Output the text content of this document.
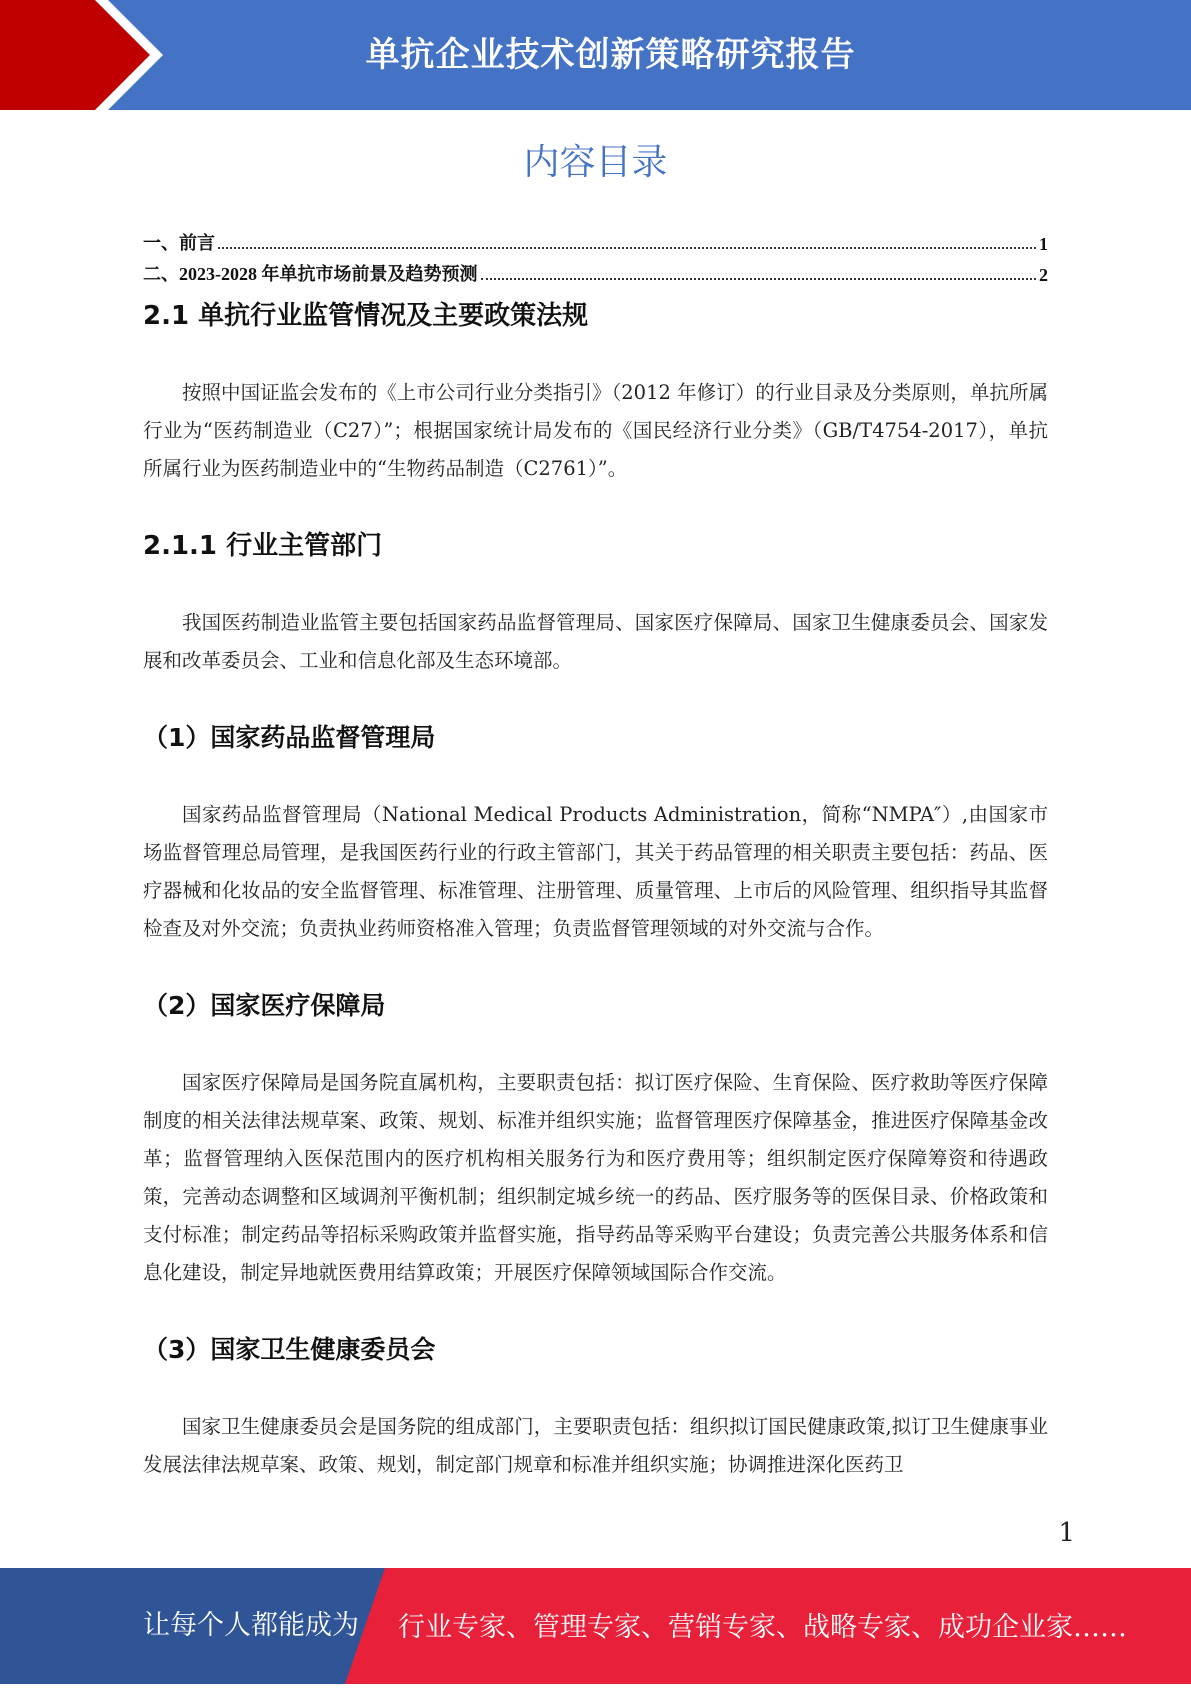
单抗企业技术创新策略研究报告
内容目录
一、前言	1
二、2023-2028 年单抗市场前景及趋势预测	2
2.1 单抗行业监管情况及主要政策法规

按照中国证监会发布的《上市公司行业分类指引》（2012 年修订）的行业目录及分类原则，单抗所属行业为“医药制造业（C27）”；根据国家统计局发布的《国民经济行业分类》（GB/T4754-2017），单抗所属行业为医药制造业中的“生物药品制造（C2761）”。

2.1.1 行业主管部门

我国医药制造业监管主要包括国家药品监督管理局、国家医疗保障局、国家卫生健康委员会、国家发展和改革委员会、工业和信息化部及生态环境部。

（1）国家药品监督管理局

国家药品监督管理局（National Medical Products Administration，简称“NMPA″）,由国家市场监督管理总局管理，是我国医药行业的行政主管部门，其关于药品管理的相关职责主要包括：药品、医疗器械和化妆品的安全监督管理、标准管理、注册管理、质量管理、上市后的风险管理、组织指导其监督检查及对外交流；负责执业药师资格准入管理；负责监督管理领域的对外交流与合作。

（2）国家医疗保障局

国家医疗保障局是国务院直属机构，主要职责包括：拟订医疗保险、生育保险、医疗救助等医疗保障制度的相关法律法规草案、政策、规划、标准并组织实施；监督管理医疗保障基金，推进医疗保障基金改革；监督管理纳入医保范围内的医疗机构相关服务行为和医疗费用等；组织制定医疗保障筹资和待遇政策，完善动态调整和区域调剂平衡机制；组织制定城乡统一的药品、医疗服务等的医保目录、价格政策和支付标准；制定药品等招标采购政策并监督实施，指导药品等采购平台建设；负责完善公共服务体系和信息化建设，制定异地就医费用结算政策；开展医疗保障领域国际合作交流。

（3）国家卫生健康委员会

国家卫生健康委员会是国务院的组成部门，主要职责包括：组织拟订国民健康政策,拟订卫生健康事业发展法律法规草案、政策、规划，制定部门规章和标准并组织实施；协调推进深化医药卫

1
让每个人都能成为 行业专家、管理专家、营销专家、战略专家、成功企业家……
